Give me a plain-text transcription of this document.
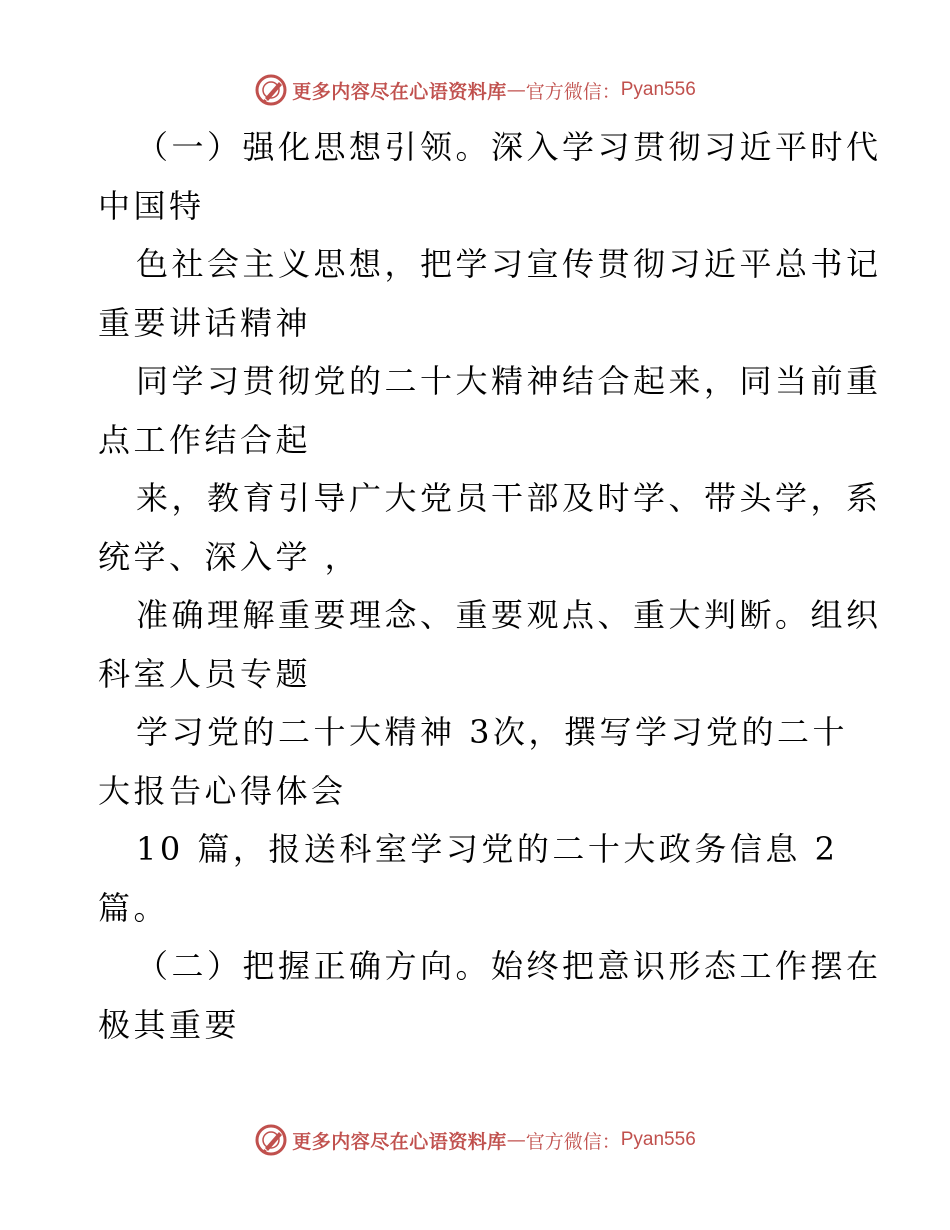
更多内容尽在心语资料库 — 官方微信： Pyan556
（一）强化思想引领。深入学习贯彻习近平时代
中国特
色社会主义思想，把学习宣传贯彻习近平总书记
重要讲话精神
同学习贯彻党的二十大精神结合起来，同当前重
点工作结合起
来，教育引导广大党员干部及时学、带头学，系
统学、深入学 ，
准确理解重要理念、重要观点、重大判断。组织
科室人员专题
学习党的二十大精神 3次，撰写学习党的二十
大报告心得体会
10 篇，报送科室学习党的二十大政务信息 2
篇。
（二）把握正确方向。始终把意识形态工作摆在
极其重要
更多内容尽在心语资料库 — 官方微信： Pyan556
